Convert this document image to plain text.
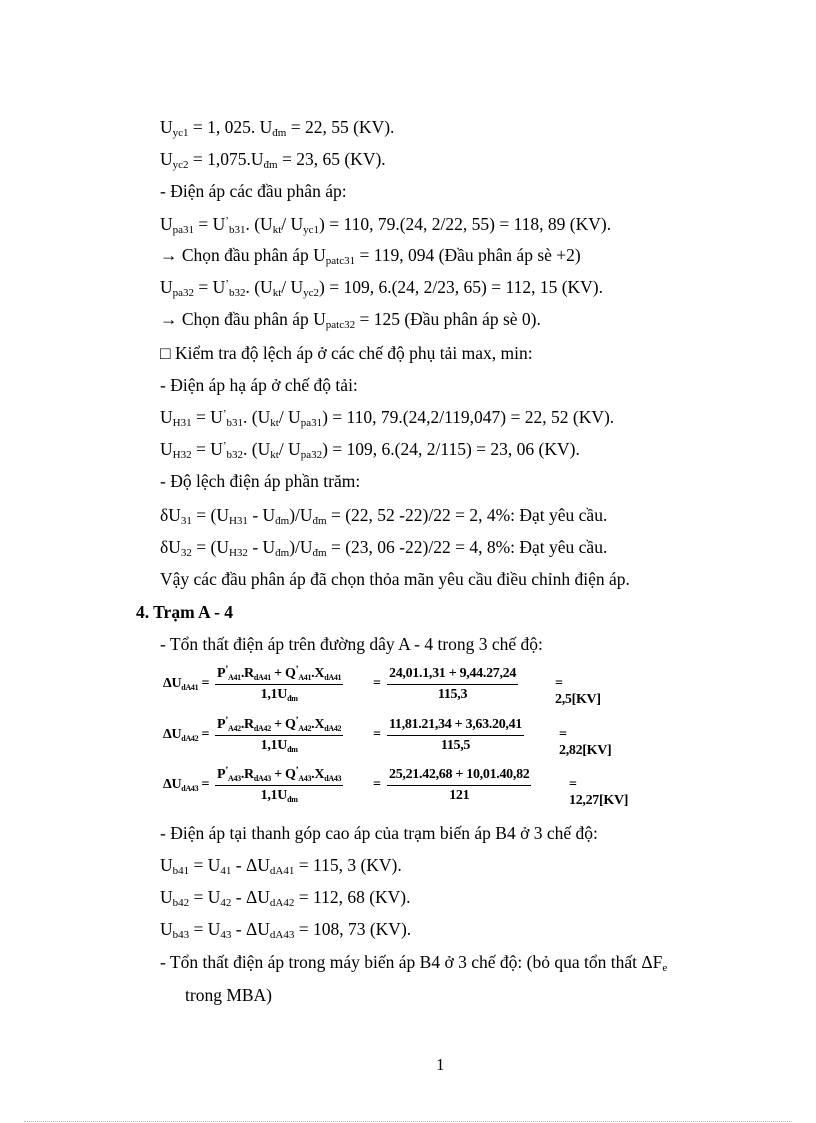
$U_{yc1} = 1$, 025. $U_{đm} = 22$, 55 (KV).
$U_{yc2} = 1,075.U_{đm} = 23$, 65 (KV).
- Điện áp các đầu phân áp:
$U_{pa31} = U^’_{b31}$. ($U_{kt}/$ $U_{yc1}) = 110$, 79.(24, 2/22, 55) = 118, 89 (KV).
→ Chọn đầu phân áp $U_{patc31} = 119$, 094 (Đầu phân áp sè +2)
$U_{pa32} = U^’_{b32}$. ($U_{kt}/$ $U_{yc2}) = 109$, 6.(24, 2/23, 65) = 112, 15 (KV).
→ Chọn đầu phân áp $U_{patc32} = 125$ (Đầu phân áp sè 0).
□ Kiểm tra độ lệch áp ở các chế độ phụ tải max, min:
- Điện áp hạ áp ở chế độ tải:
$U_{H31} = U^’_{b31}$. ($U_{kt}/$ $U_{pa31}) = 110$, 79.(24,2/119,047) = 22, 52 (KV).
$U_{H32} = U^’_{b32}$. ($U_{kt}/$ $U_{pa32}) = 109$, 6.(24, 2/115) = 23, 06 (KV).
- Độ lệch điện áp phần trăm:
$\delta U_{31} = (U_{H31} - U_{đm})/U_{đm} = (22$, 52 -22)/22 = 2, 4%: Đạt yêu cầu.
$\delta U_{32} = (U_{H32} - U_{đm})/U_{đm} = (23$, 06 -22)/22 = 4, 8%: Đạt yêu cầu.
Vậy các đầu phân áp đã chọn thỏa mãn yêu cầu điều chỉnh điện áp.
4. Trạm A - 4
- Tổn thất điện áp trên đường dây A - 4 trong 3 chế độ:
$\Delta U_{dA41}$ =
$P^’_{A41}.R_{dA41} + Q^’_{A41}.X_{dA41}$
$1,1U_{đm}$
= $\frac{24,01.1,31 + 9,44.27,24}{115,3}$	= 2,5[KV]
$\Delta U_{dA42}$ =
$P^’_{A42}.R_{dA42} + Q^’_{A42}.X_{dA42}$
$1,1U_{đm}$
= $\frac{11,81.21,34 + 3,63.20,41}{115,5} = 2,82[KV]$
$\Delta U_{dA43}$ =
$P^’_{A43}.R_{dA43} + Q^’_{A43}.X_{dA43}$
$1,1U_{đm}$
= $\frac{25,21.42,68 + 10,01.40,82}{121}$	= 12,27[KV]
- Điện áp tại thanh góp cao áp của trạm biến áp B4 ở 3 chế độ:
$U_{b41} = U_{41} - \Delta U_{dA41} = 115$, 3 (KV).
$U_{b42} = U_{42} - \Delta U_{dA42} = 112$, 68 (KV).
$U_{b43} = U_{43} - \Delta U_{dA43} = 108$, 73 (KV).
- Tổn thất điện áp trong máy biến áp B4 ở 3 chế độ: (bỏ qua tổn thất $\Delta F_e$
trong MBA)
1
